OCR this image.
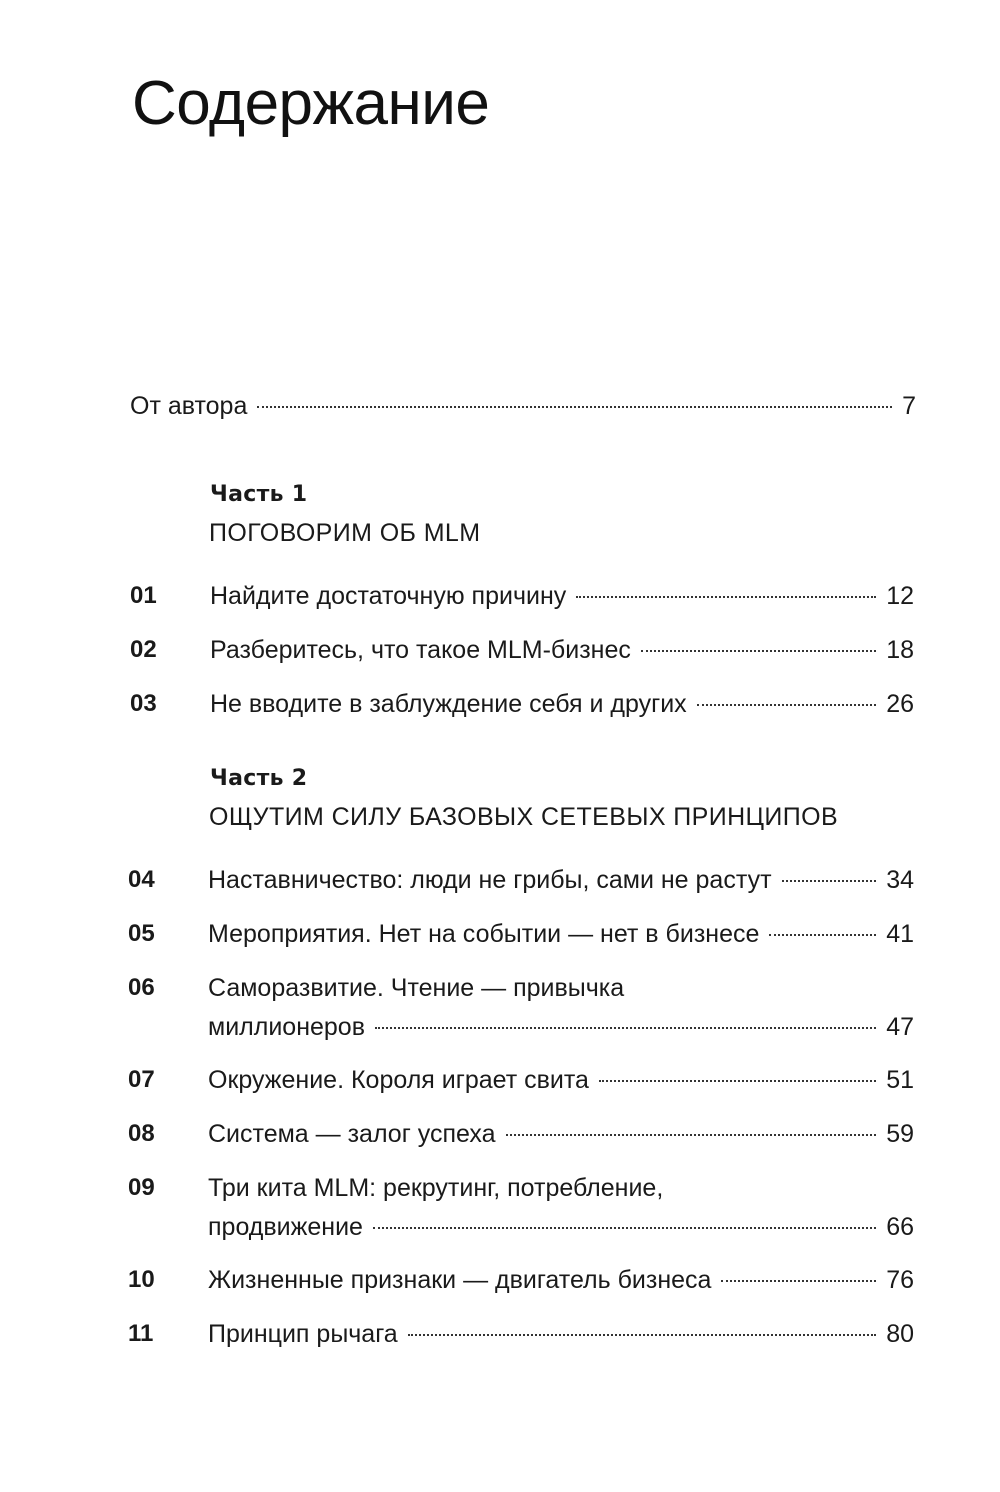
Содержание
От автора	7
Часть 1
ПОГОВОРИМ ОБ MLM
01 Найдите достаточную причину	12
02 Разберитесь, что такое MLM-бизнес	18
03 Не вводите в заблуждение себя и других	26
Часть 2
ОЩУТИМ СИЛУ БАЗОВЫХ СЕТЕВЫХ ПРИНЦИПОВ
04 Наставничество: люди не грибы, сами не растут	34
05 Мероприятия. Нет на событии — нет в бизнесе	41
06 Саморазвитие. Чтение — привычка
миллионеров	47
07 Окружение. Короля играет свита	51
08 Система — залог успеха	59
09 Три кита MLM: рекрутинг, потребление,
продвижение	66
10 Жизненные признаки — двигатель бизнеса	76
11 Принцип рычага	80
